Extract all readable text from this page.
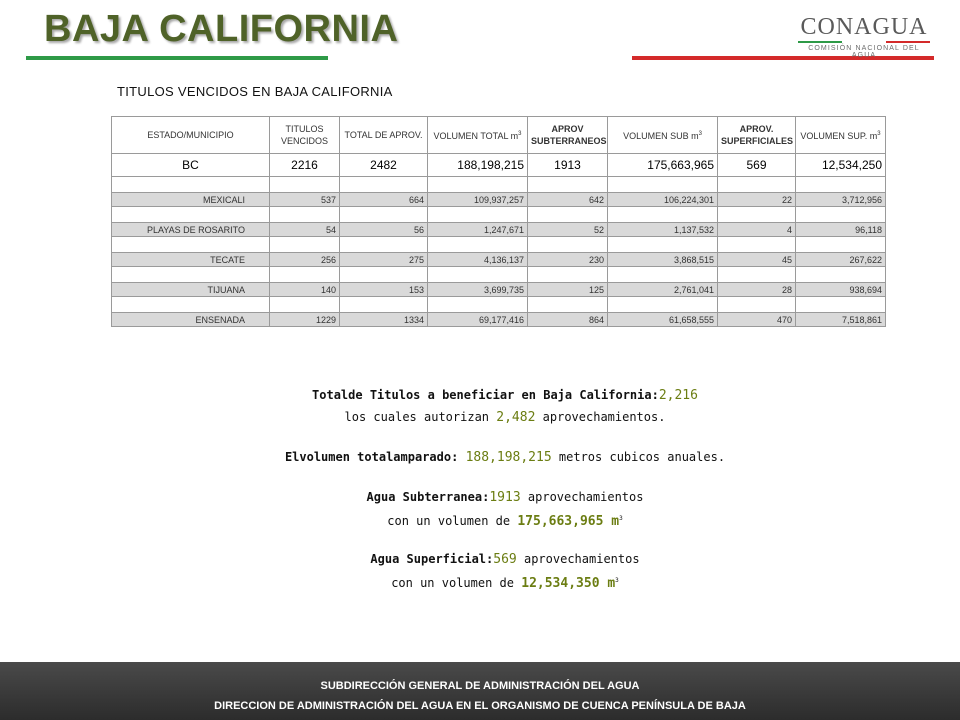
BAJA CALIFORNIA	CONAGUA
COMISIÓN NACIONAL DEL AGUA
TITULOS VENCIDOS EN BAJA CALIFORNIA
ESTADO/MUNICIPIO	TITULOS VENCIDOS	TOTAL DE APROV.	VOLUMEN TOTAL $m^3$	APROV SUBTERRANEOS	VOLUMEN SUB $m^3$	APROV. SUPERFICIALES	VOLUMEN SUP. $m^3$
BC	2216	2482	188,198,215	1913	175,663,965	569	12,534,250

MEXICALI	537	664	109,937,257	642	106,224,301	22	3,712,956

PLAYAS DE ROSARITO	54	56	1,247,671	52	1,137,532	4	96,118

TECATE	256	275	4,136,137	230	3,868,515	45	267,622

TIJUANA	140	153	3,699,735	125	2,761,041	28	938,694

ENSENADA	1229	1334	69,177,416	864	61,658,555	470	7,518,861
Totalde Titulos a beneficiar en Baja California:2,216
los cuales autorizan 2,482 aprovechamientos.
Elvolumen totalamparado: 188,198,215 metros cubicos anuales.
Agua Subterranea:1913 aprovechamientos
con un volumen de 175,663,965 $m^3$
Agua Superficial:569 aprovechamientos
con un volumen de 12,534,350 $m^3$
SUBDIRECCIÓN GENERAL DE ADMINISTRACIÓN DEL AGUA
DIRECCION DE ADMINISTRACIÓN DEL AGUA EN EL ORGANISMO DE CUENCA PENÍNSULA DE BAJA
